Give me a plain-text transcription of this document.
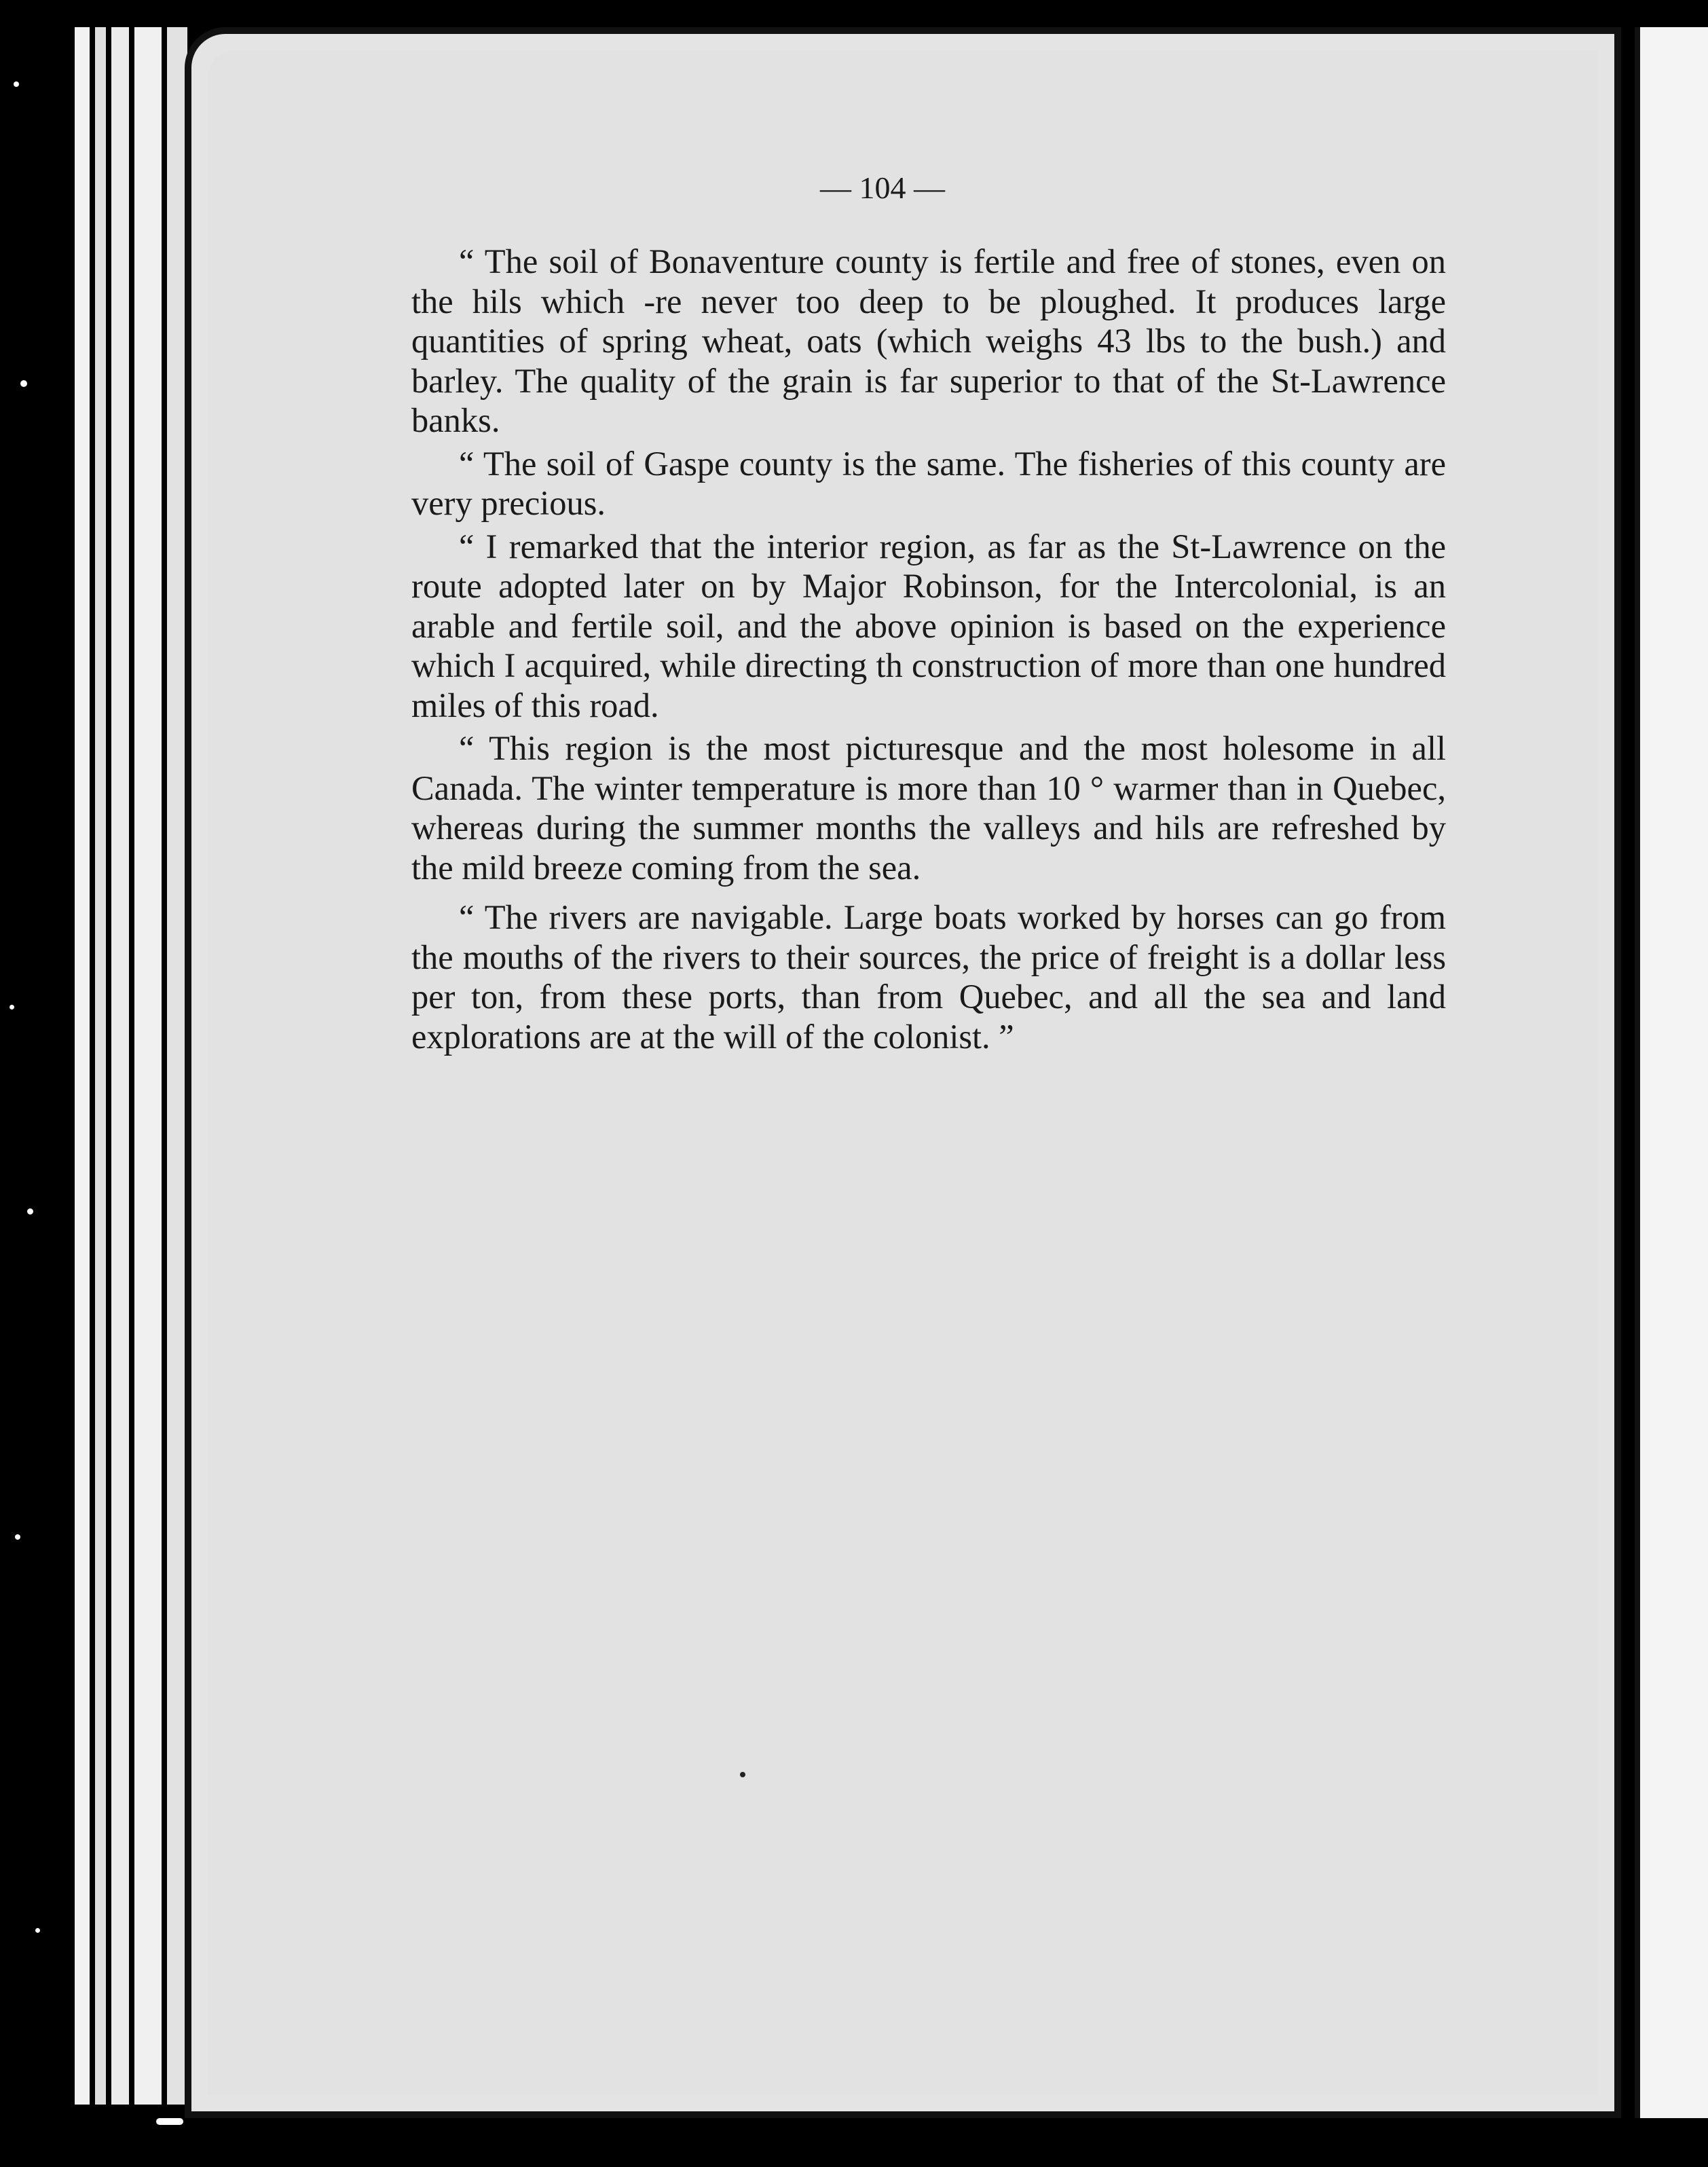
— 104 —

“ The soil of Bonaventure county is fertile and free of stones, even on the hils which -re never too deep to be ploughed. It produces large quantities of spring wheat, oats (which weighs 43 lbs to the bush.) and barley. The quality of the grain is far superior to that of the St-Lawrence banks.

“ The soil of Gaspe county is the same. The fisheries of this county are very precious.

“ I remarked that the interior region, as far as the St-Lawrence on the route adopted later on by Major Robinson, for the Intercolonial, is an arable and fertile soil, and the above opinion is based on the experience which I acquired, while directing th construction of more than one hundred miles of this road.

“ This region is the most picturesque and the most holesome in all Canada. The winter temperature is more than 10 ° warmer than in Quebec, whereas during the summer months the valleys and hils are refreshed by the mild breeze coming from the sea.

“ The rivers are navigable. Large boats worked by horses can go from the mouths of the rivers to their sources, the price of freight is a dollar less per ton, from these ports, than from Quebec, and all the sea and land explorations are at the will of the colonist. ”
